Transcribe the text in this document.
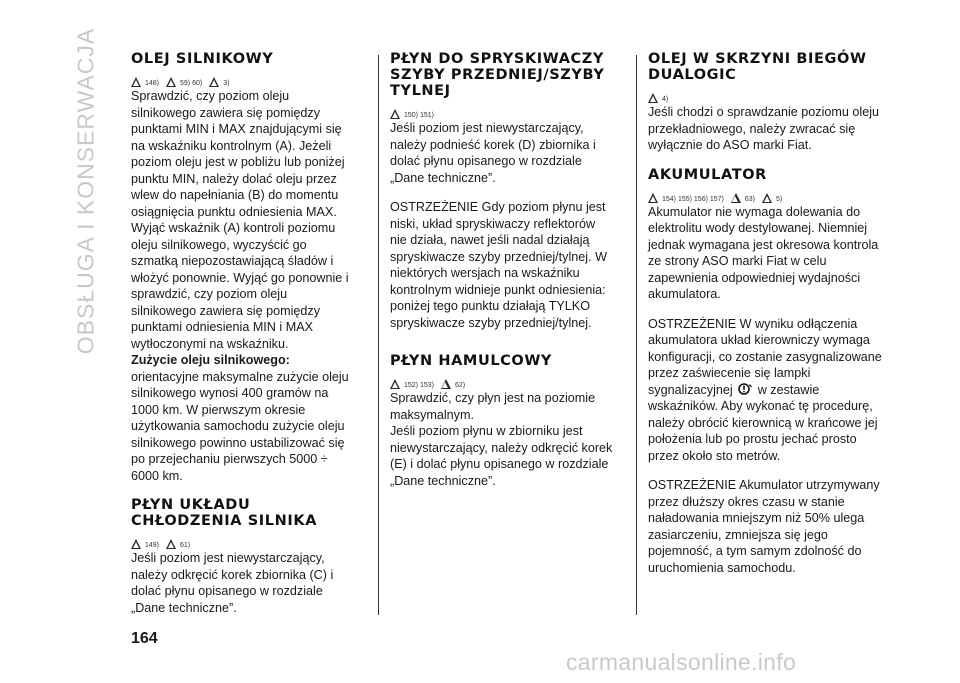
OBSŁUGA I KONSERWACJA OLEJ SILNIKOWY
148)	59) 60)	3)

Sprawdzić, czy poziom oleju silnikowego zawiera się pomiędzy punktami MIN i MAX znajdującymi się na wskaźniku kontrolnym (A). Jeżeli poziom oleju jest w pobliżu lub poniżej punktu MIN, należy dolać oleju przez wlew do napełniania (B) do momentu osiągnięcia punktu odniesienia MAX. Wyjąć wskaźnik (A) kontroli poziomu oleju silnikowego, wyczyścić go szmatką niepozostawiającą śladów i włożyć ponownie. Wyjąć go ponownie i sprawdzić, czy poziom oleju silnikowego zawiera się pomiędzy punktami odniesienia MIN i MAX wytłoczonymi na wskaźniku.

Zużycie oleju silnikowego:

orientacyjne maksymalne zużycie oleju silnikowego wynosi 400 gramów na 1000 km. W pierwszym okresie użytkowania samochodu zużycie oleju silnikowego powinno ustabilizować się po przejechaniu pierwszych 5000 ÷ 6000 km.

PŁYN UKŁADU CHŁODZENIA SILNIKA
149)	61)

Jeśli poziom jest niewystarczający, należy odkręcić korek zbiornika (C) i dolać płynu opisanego w rozdziale „Dane techniczne”.

PŁYN DO SPRYSKIWACZY SZYBY PRZEDNIEJ/SZYBY TYLNEJ
150) 151)

Jeśli poziom jest niewystarczający, należy podnieść korek (D) zbiornika i dolać płynu opisanego w rozdziale „Dane techniczne”.

OSTRZEŻENIE Gdy poziom płynu jest niski, układ spryskiwaczy reflektorów nie działa, nawet jeśli nadal działają spryskiwacze szyby przedniej/tylnej. W niektórych wersjach na wskaźniku kontrolnym widnieje punkt odniesienia: poniżej tego punktu działają TYLKO spryskiwacze szyby przedniej/tylnej.

PŁYN HAMULCOWY
152) 153)	62)

Sprawdzić, czy płyn jest na poziomie maksymalnym.

Jeśli poziom płynu w zbiorniku jest niewystarczający, należy odkręcić korek (E) i dolać płynu opisanego w rozdziale „Dane techniczne”.

OLEJ W SKRZYNI BIEGÓW DUALOGIC
4)

Jeśli chodzi o sprawdzanie poziomu oleju przekładniowego, należy zwracać się wyłącznie do ASO marki Fiat.

AKUMULATOR
154) 155) 156) 157)	63)	5)

Akumulator nie wymaga dolewania do elektrolitu wody destylowanej. Niemniej jednak wymagana jest okresowa kontrola ze strony ASO marki Fiat w celu zapewnienia odpowiedniej wydajności akumulatora.

OSTRZEŻENIE W wyniku odłączenia akumulatora układ kierowniczy wymaga konfiguracji, co zostanie zasygnalizowane przez zaświecenie się lampki sygnalizacyjnej w zestawie wskaźników. Aby wykonać tę procedurę, należy obrócić kierownicą w krańcowe jej położenia lub po prostu jechać prosto przez około sto metrów.

OSTRZEŻENIE Akumulator utrzymywany przez dłuższy okres czasu w stanie naładowania mniejszym niż 50% ulega zasiarczeniu, zmniejsza się jego pojemność, a tym samym zdolność do uruchomienia samochodu.

164
carmanualsonline.info
